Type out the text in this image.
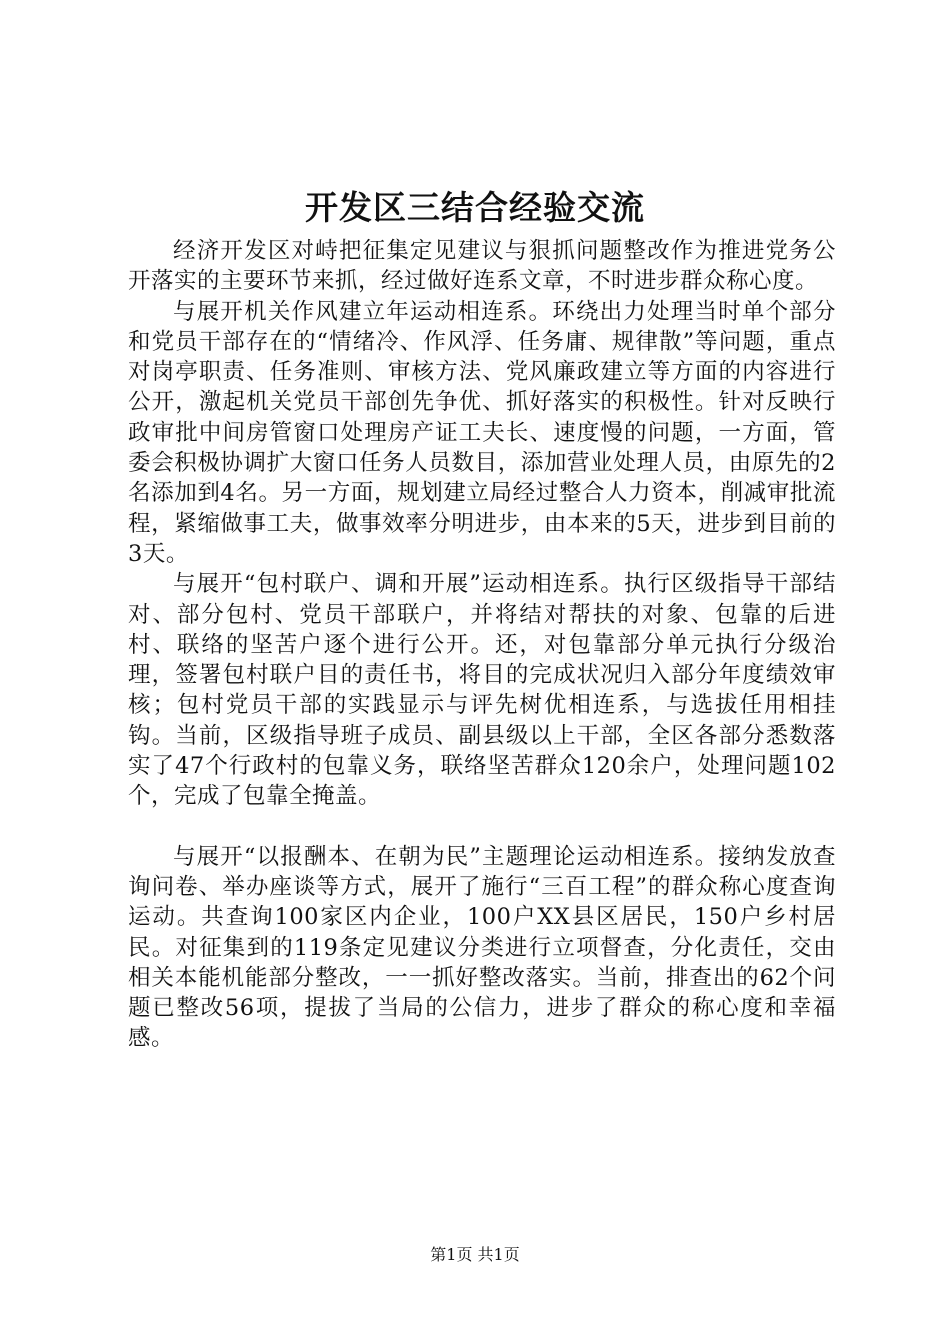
开发区三结合经验交流

经济开发区对峙把征集定见建议与狠抓问题整改作为推进党务公开落实的主要环节来抓，经过做好连系文章，不时进步群众称心度。

与展开机关作风建立年运动相连系。环绕出力处理当时单个部分和党员干部存在的“情绪冷、作风浮、任务庸、规律散”等问题，重点对岗亭职责、任务准则、审核方法、党风廉政建立等方面的内容进行公开，激起机关党员干部创先争优、抓好落实的积极性。针对反映行政审批中间房管窗口处理房产证工夫长、速度慢的问题，一方面，管委会积极协调扩大窗口任务人员数目，添加营业处理人员，由原先的2名添加到4名。另一方面，规划建立局经过整合人力资本，削减审批流程，紧缩做事工夫，做事效率分明进步，由本来的5天，进步到目前的3天。

与展开“包村联户、调和开展”运动相连系。执行区级指导干部结对、部分包村、党员干部联户，并将结对帮扶的对象、包靠的后进村、联络的坚苦户逐个进行公开。还，对包靠部分单元执行分级治理，签署包村联户目的责任书，将目的完成状况归入部分年度绩效审核；包村党员干部的实践显示与评先树优相连系，与选拔任用相挂钩。当前，区级指导班子成员、副县级以上干部，全区各部分悉数落实了47个行政村的包靠义务，联络坚苦群众120余户，处理问题102个，完成了包靠全掩盖。

与展开“以报酬本、在朝为民”主题理论运动相连系。接纳发放查询问卷、举办座谈等方式，展开了施行“三百工程”的群众称心度查询运动。共查询100家区内企业，100户XX县区居民，150户乡村居民。对征集到的119条定见建议分类进行立项督查，分化责任，交由相关本能机能部分整改，一一抓好整改落实。当前，排查出的62个问题已整改56项，提拔了当局的公信力，进步了群众的称心度和幸福感。

第1页 共1页
